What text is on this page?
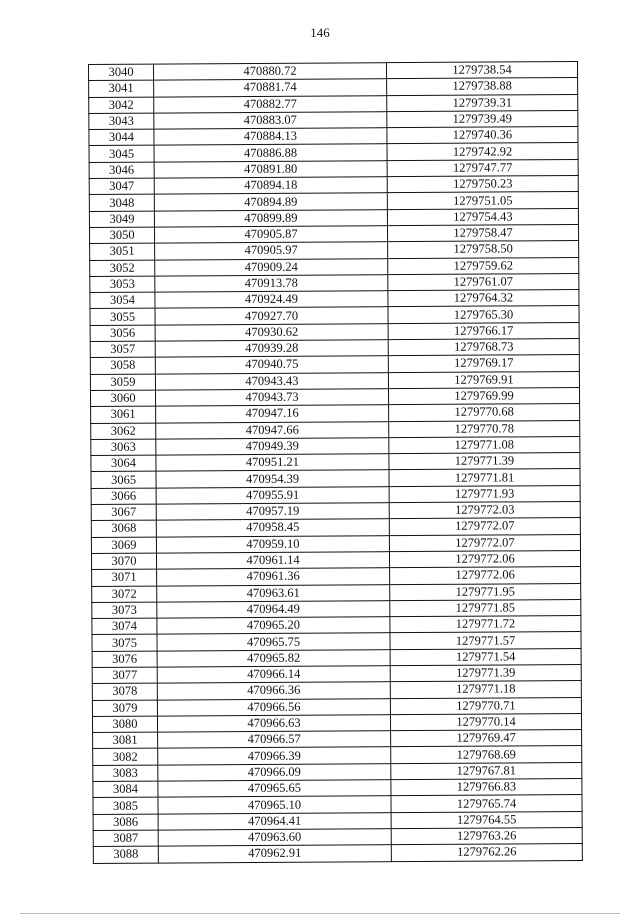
146
3040	470880.72	1279738.54
3041	470881.74	1279738.88
3042	470882.77	1279739.31
3043	470883.07	1279739.49
3044	470884.13	1279740.36
3045	470886.88	1279742.92
3046	470891.80	1279747.77
3047	470894.18	1279750.23
3048	470894.89	1279751.05
3049	470899.89	1279754.43
3050	470905.87	1279758.47
3051	470905.97	1279758.50
3052	470909.24	1279759.62
3053	470913.78	1279761.07
3054	470924.49	1279764.32
3055	470927.70	1279765.30
3056	470930.62	1279766.17
3057	470939.28	1279768.73
3058	470940.75	1279769.17
3059	470943.43	1279769.91
3060	470943.73	1279769.99
3061	470947.16	1279770.68
3062	470947.66	1279770.78
3063	470949.39	1279771.08
3064	470951.21	1279771.39
3065	470954.39	1279771.81
3066	470955.91	1279771.93
3067	470957.19	1279772.03
3068	470958.45	1279772.07
3069	470959.10	1279772.07
3070	470961.14	1279772.06
3071	470961.36	1279772.06
3072	470963.61	1279771.95
3073	470964.49	1279771.85
3074	470965.20	1279771.72
3075	470965.75	1279771.57
3076	470965.82	1279771.54
3077	470966.14	1279771.39
3078	470966.36	1279771.18
3079	470966.56	1279770.71
3080	470966.63	1279770.14
3081	470966.57	1279769.47
3082	470966.39	1279768.69
3083	470966.09	1279767.81
3084	470965.65	1279766.83
3085	470965.10	1279765.74
3086	470964.41	1279764.55
3087	470963.60	1279763.26
3088	470962.91	1279762.26
